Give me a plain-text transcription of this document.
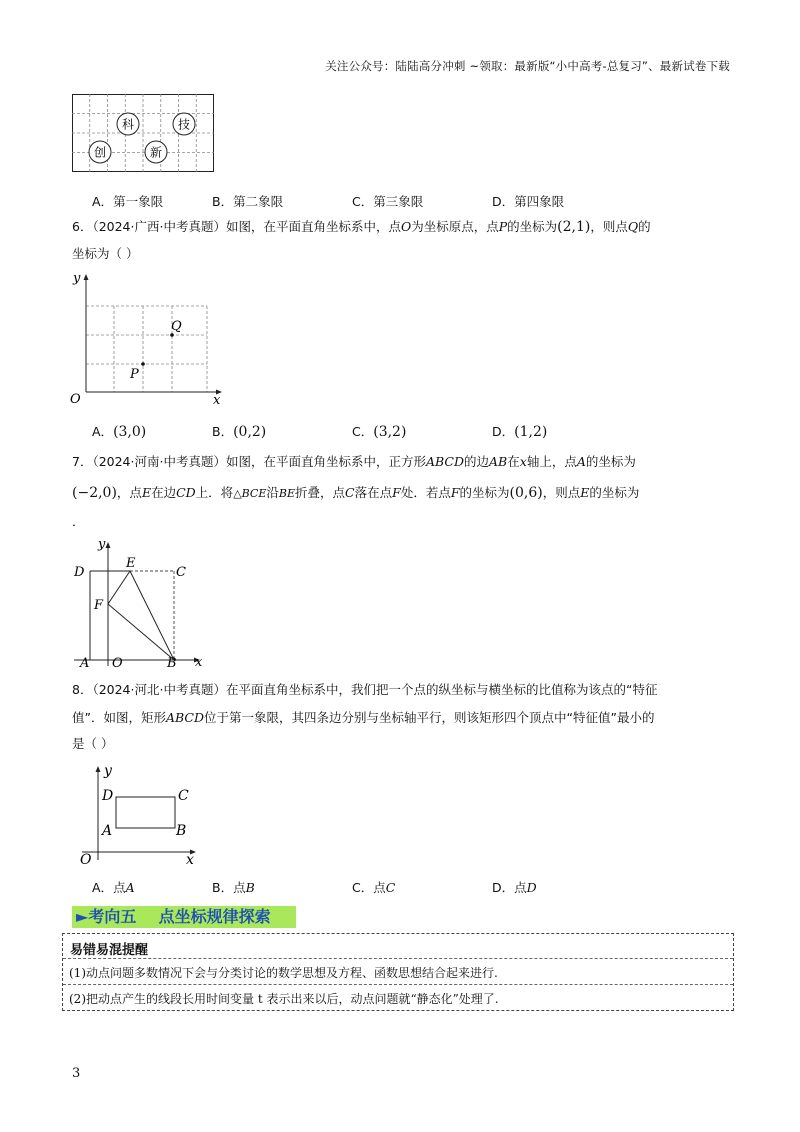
关注公众号：陆陆高分冲刺 ~领取：最新版“小中高考-总复习”、最新试卷下载
科	技
创	新
A．第一象限	B．第二象限	C．第三象限	D．第四象限
6．（2024·广西·中考真题）如图，在平面直角坐标系中，点O为坐标原点，点P的坐标为(2,1)，则点Q的
坐标为（ ）
y
x
O
P
Q
A．(3,0)	B．(0,2)	C．(3,2)	D．(1,2)
7．（2024·河南·中考真题）如图，在平面直角坐标系中，正方形ABCD的边AB在x轴上，点A的坐标为
(−2,0)，点E在边CD上．将△BCE沿BE折叠，点C落在点F处．若点F的坐标为(0,6)，则点E的坐标为
．
y
x
D
E
C
F
A O	B
8．（2024·河北·中考真题）在平面直角坐标系中，我们把一个点的纵坐标与横坐标的比值称为该点的“特征
值”．如图，矩形ABCD位于第一象限，其四条边分别与坐标轴平行，则该矩形四个顶点中“特征值”最小的
是（ ）
y
x
D	C
A	B
O
A．点A	B．点B	C．点C	D．点D
►考向五    点坐标规律探索
易错易混提醒
(1)动点问题多数情况下会与分类讨论的数学思想及方程、函数思想结合起来进行.
(2)把动点产生的线段长用时间变量 t 表示出来以后，动点问题就“静态化”处理了.
3
